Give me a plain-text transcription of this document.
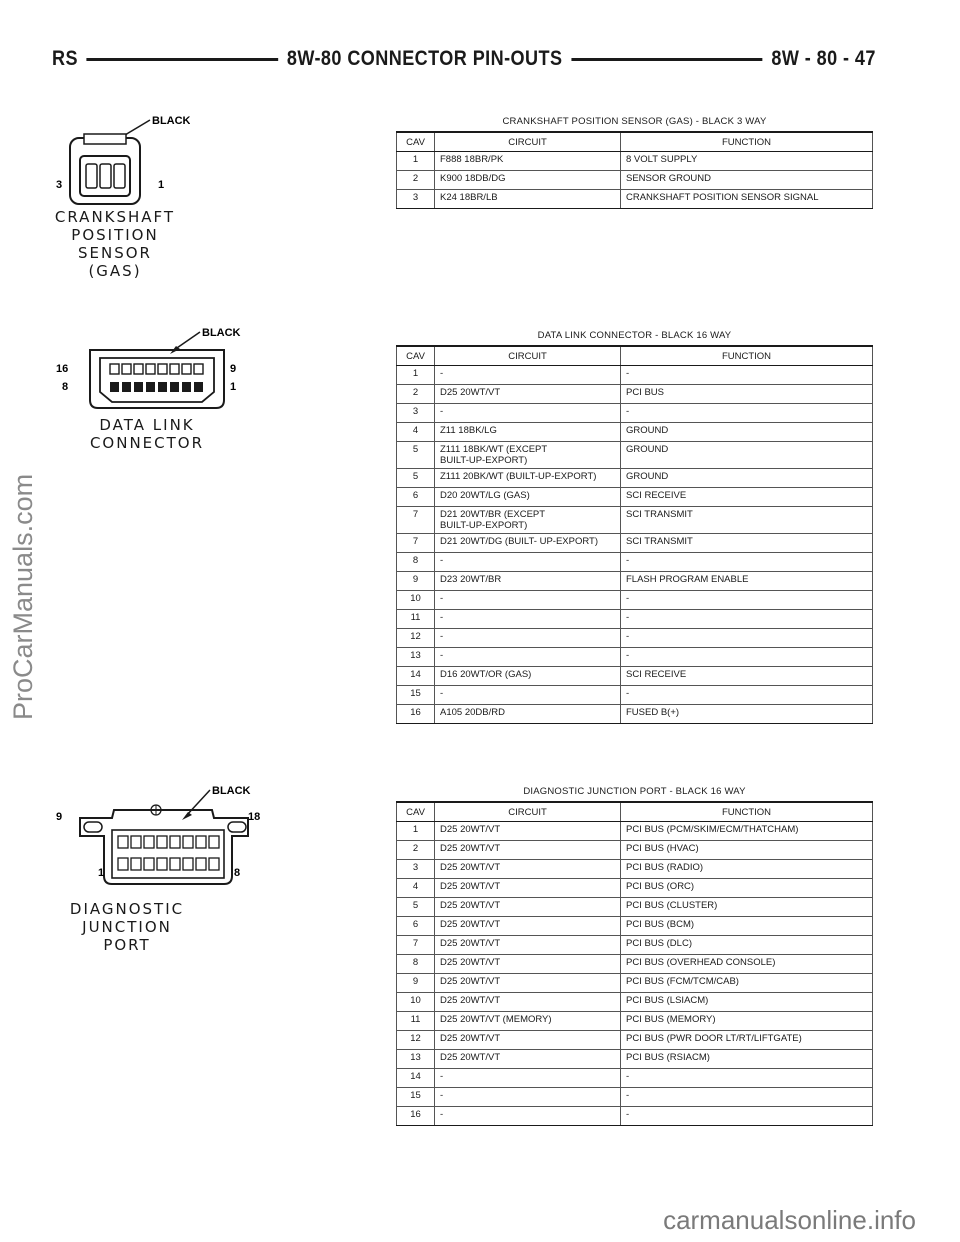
RS	8W-80 CONNECTOR PIN-OUTS	8W - 80 - 47
BLACK
3	1
CRANKSHAFT
POSITION
SENSOR
(GAS)
BLACK
16
8
9
1
DATA LINK
CONNECTOR
BLACK
9
1
18
8
DIAGNOSTIC
JUNCTION
PORT
CRANKSHAFT POSITION SENSOR (GAS) - BLACK 3 WAY
CAV	CIRCUIT	FUNCTION
1	F888 18BR/PK	8 VOLT SUPPLY
2	K900 18DB/DG	SENSOR GROUND
3	K24 18BR/LB	CRANKSHAFT POSITION SENSOR SIGNAL
DATA LINK CONNECTOR - BLACK 16 WAY
CAV	CIRCUIT	FUNCTION
1	-	-
2	D25 20WT/VT	PCI BUS
3	-	-
4	Z11 18BK/LG	GROUND
5	Z111 18BK/WT (EXCEPT
BUILT-UP-EXPORT)	GROUND
5	Z111 20BK/WT (BUILT-UP-EXPORT)	GROUND
6	D20 20WT/LG (GAS)	SCI RECEIVE
7	D21 20WT/BR (EXCEPT
BUILT-UP-EXPORT)	SCI TRANSMIT
7	D21 20WT/DG (BUILT- UP-EXPORT)	SCI TRANSMIT
8	-	-
9	D23 20WT/BR	FLASH PROGRAM ENABLE
10	-	-
11	-	-
12	-	-
13	-	-
14	D16 20WT/OR (GAS)	SCI RECEIVE
15	-	-
16	A105 20DB/RD	FUSED B(+)
DIAGNOSTIC JUNCTION PORT - BLACK 16 WAY
CAV	CIRCUIT	FUNCTION
1	D25 20WT/VT	PCI BUS (PCM/SKIM/ECM/THATCHAM)
2	D25 20WT/VT	PCI BUS (HVAC)
3	D25 20WT/VT	PCI BUS (RADIO)
4	D25 20WT/VT	PCI BUS (ORC)
5	D25 20WT/VT	PCI BUS (CLUSTER)
6	D25 20WT/VT	PCI BUS (BCM)
7	D25 20WT/VT	PCI BUS (DLC)
8	D25 20WT/VT	PCI BUS (OVERHEAD CONSOLE)
9	D25 20WT/VT	PCI BUS (FCM/TCM/CAB)
10	D25 20WT/VT	PCI BUS (LSIACM)
11	D25 20WT/VT (MEMORY)	PCI BUS (MEMORY)
12	D25 20WT/VT	PCI BUS (PWR DOOR LT/RT/LIFTGATE)
13	D25 20WT/VT	PCI BUS (RSIACM)
14	-	-
15	-	-
16	-	-
ProCarManuals.com
carmanualsonline.info
